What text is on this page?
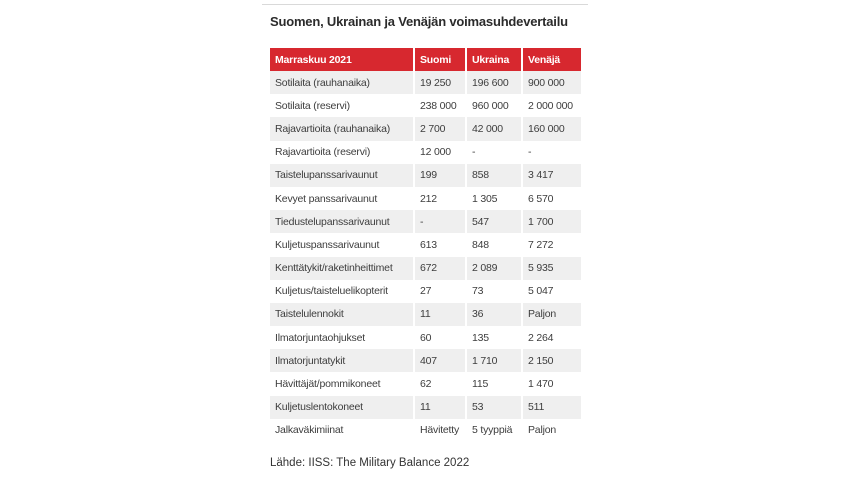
Suomen, Ukrainan ja Venäjän voimasuhdevertailu
Marraskuu 2021	Suomi	Ukraina	Venäjä
Sotilaita (rauhanaika)	19 250	196 600	900 000
Sotilaita (reservi)	238 000	960 000	2 000 000
Rajavartioita (rauhanaika)	2 700	42 000	160 000
Rajavartioita (reservi)	12 000	-	-
Taistelupanssarivaunut	199	858	3 417
Kevyet panssarivaunut	212	1 305	6 570
Tiedustelupanssarivaunut	-	547	1 700
Kuljetuspanssarivaunut	613	848	7 272
Kenttätykit/raketinheittimet	672	2 089	5 935
Kuljetus/taisteluelikopterit	27	73	5 047
Taistelulennokit	11	36	Paljon
Ilmatorjuntaohjukset	60	135	2 264
Ilmatorjuntatykit	407	1 710	2 150
Hävittäjät/pommikoneet	62	115	1 470
Kuljetuslentokoneet	11	53	511
Jalkaväkimiinat	Hävitetty	5 tyyppiä	Paljon
Lähde: IISS: The Military Balance 2022
